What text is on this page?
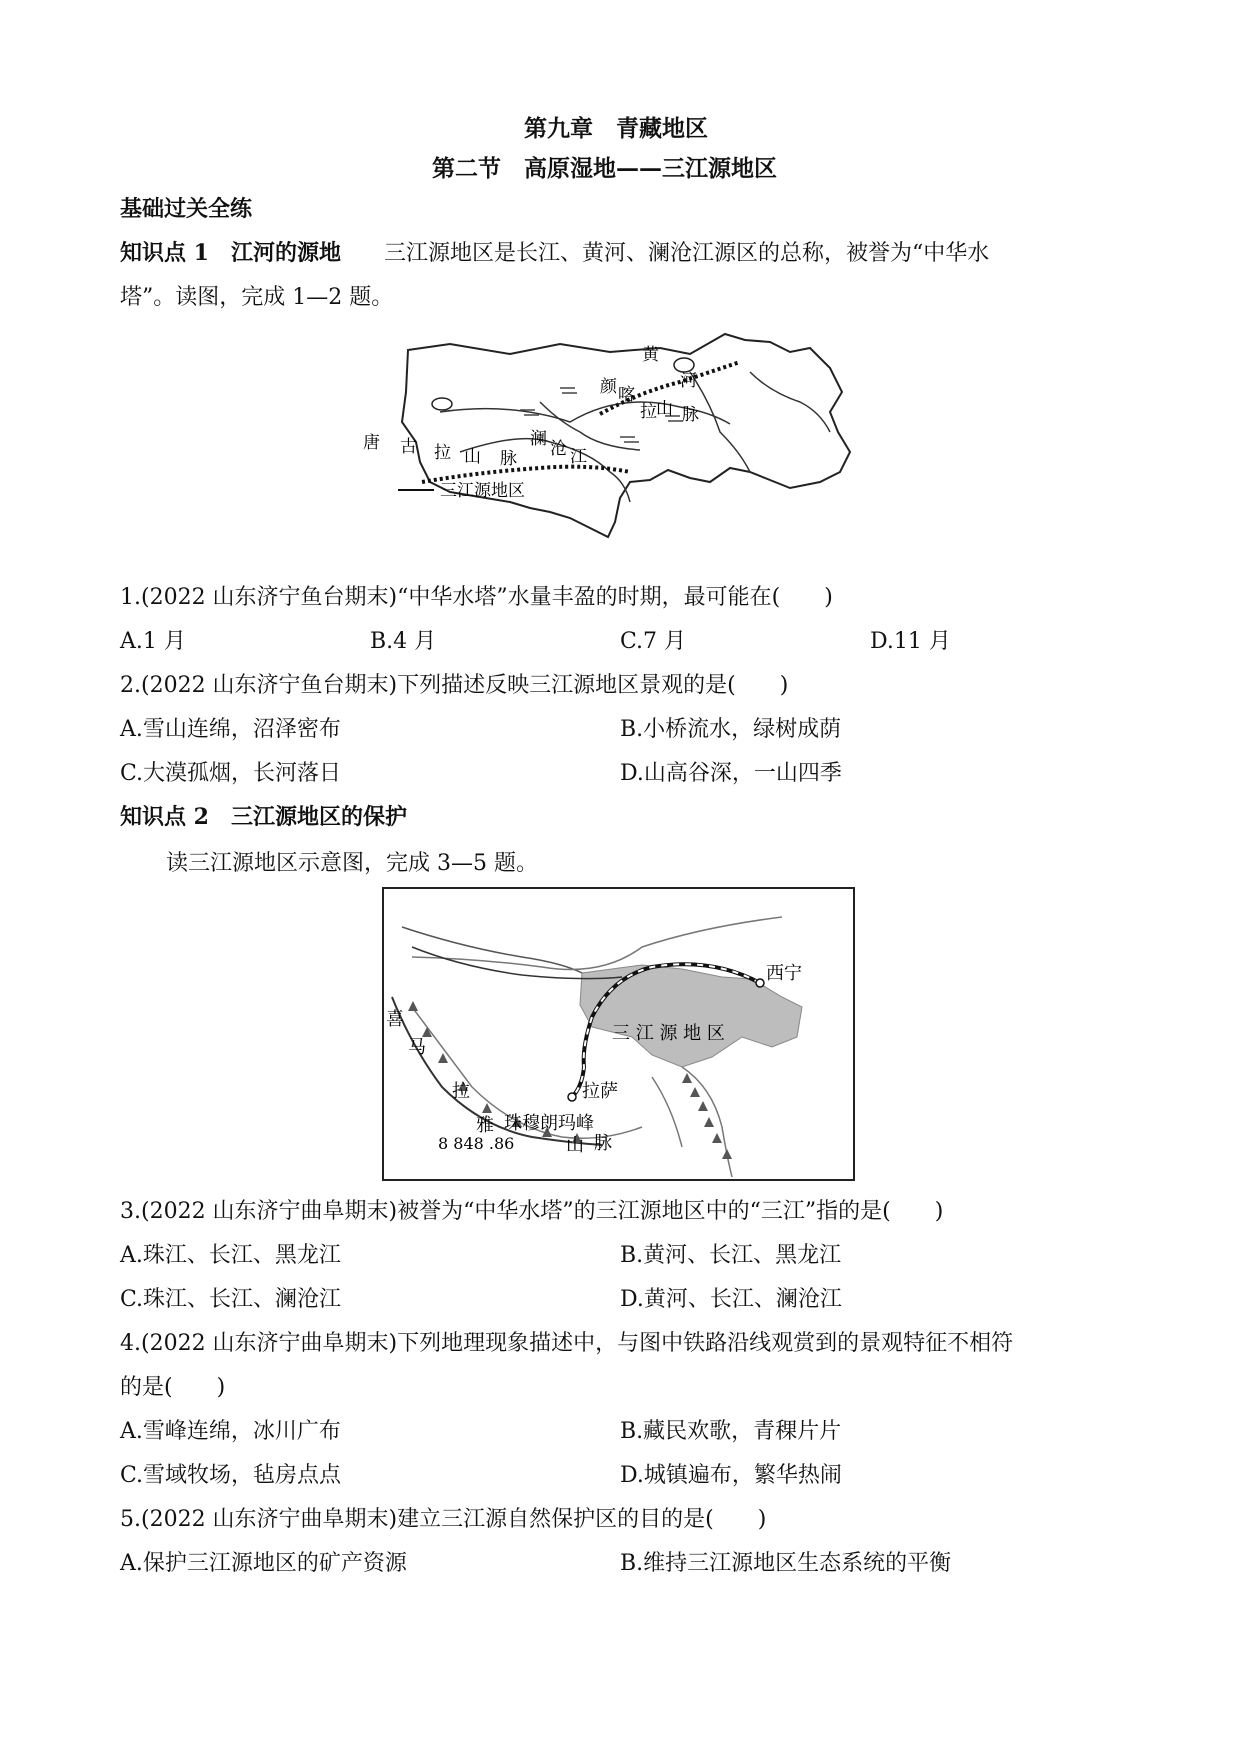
第九章　青藏地区
第二节　高原湿地——三江源地区
基础过关全练
知识点 1　江河的源地 三江源地区是长江、黄河、澜沧江源区的总称，被誉为“中华水
塔”。读图，完成 1—2 题。
唐 古 拉 山 脉
澜 沧 江
黄
河
颜 喀
拉 山 脉
三江源地区
1.(2022 山东济宁鱼台期末)“中华水塔”水量丰盈的时期，最可能在(　　)
A.1 月	B.4 月	C.7 月	D.11 月
2.(2022 山东济宁鱼台期末)下列描述反映三江源地区景观的是(　　)
A.雪山连绵，沼泽密布	B.小桥流水，绿树成荫
C.大漠孤烟，长河落日	D.山高谷深，一山四季
知识点 2　三江源地区的保护
读三江源地区示意图，完成 3—5 题。
西宁
三 江 源 地 区
喜
马
拉
雅
拉萨
珠穆朗玛峰
8 848 .86	山 脉
3.(2022 山东济宁曲阜期末)被誉为“中华水塔”的三江源地区中的“三江”指的是(　　)
A.珠江、长江、黑龙江	B.黄河、长江、黑龙江
C.珠江、长江、澜沧江	D.黄河、长江、澜沧江
4.(2022 山东济宁曲阜期末)下列地理现象描述中，与图中铁路沿线观赏到的景观特征不相符
的是(　　)
A.雪峰连绵，冰川广布	B.藏民欢歌，青稞片片
C.雪域牧场，毡房点点	D.城镇遍布，繁华热闹
5.(2022 山东济宁曲阜期末)建立三江源自然保护区的目的是(　　)
A.保护三江源地区的矿产资源	B.维持三江源地区生态系统的平衡
